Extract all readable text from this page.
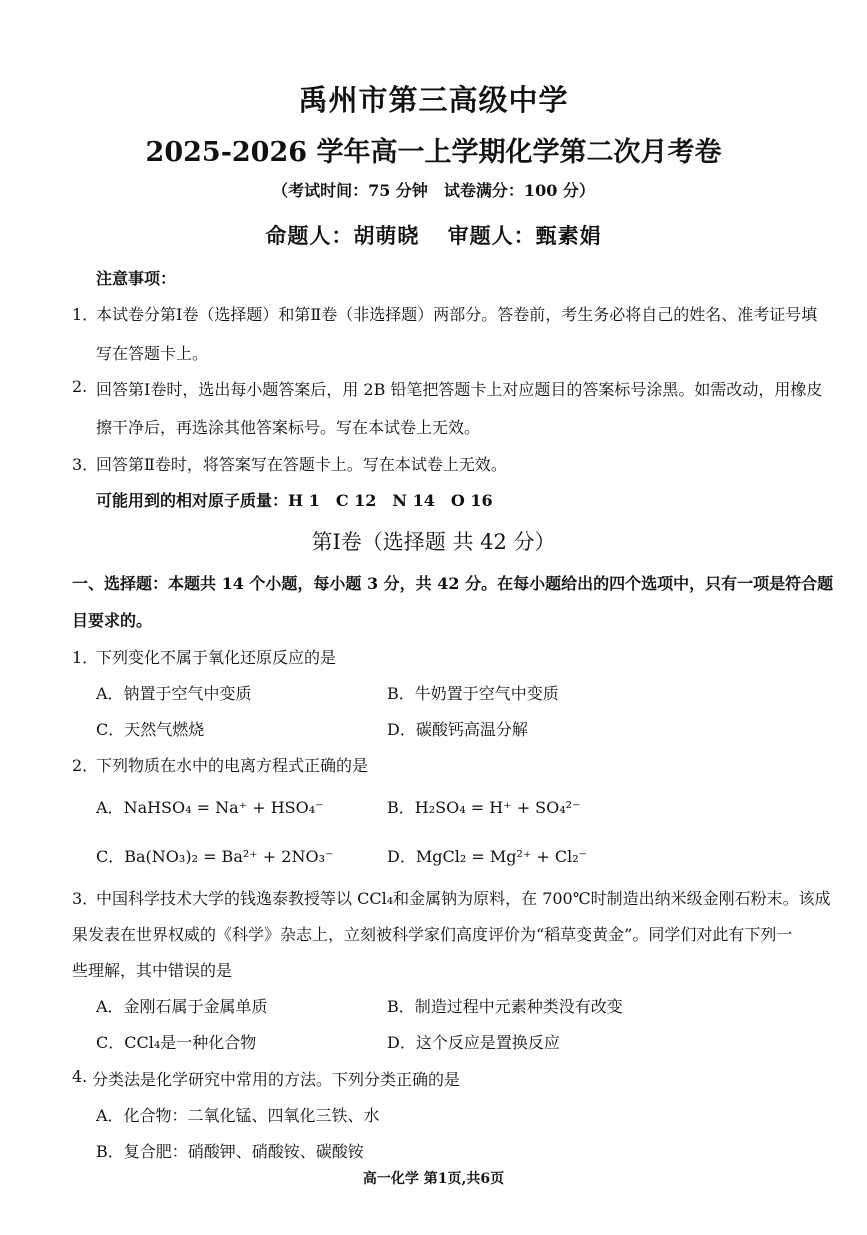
禹州市第三高级中学
2025-2026 学年高一上学期化学第二次月考卷
（考试时间：75 分钟　试卷满分：100 分）
命题人：胡萌晓 审题人：甄素娟
注意事项：
1．
本试卷分第Ⅰ卷（选择题）和第Ⅱ卷（非选择题）两部分。答卷前，考生务必将自己的姓名、准考证号填
写在答题卡上。
2. 回答第Ⅰ卷时，选出每小题答案后，用 2B 铅笔把答题卡上对应题目的答案标号涂黑。如需改动，用橡皮
擦干净后，再选涂其他答案标号。写在本试卷上无效。
3．
回答第Ⅱ卷时，将答案写在答题卡上。写在本试卷上无效。
可能用到的相对原子质量：H 1　C 12　N 14　O 16
第Ⅰ卷（选择题 共 42 分）
一、选择题：本题共 14 个小题，每小题 3 分，共 42 分。在每小题给出的四个选项中，只有一项是符合题
目要求的。
1．
下列变化不属于氧化还原反应的是
A．钠置于空气中变质	B．牛奶置于空气中变质
C．天然气燃烧	D．碳酸钙高温分解
2．
下列物质在水中的电离方程式正确的是
A．NaHSO₄ = Na⁺ + HSO₄⁻	B．H₂SO₄ = H⁺ + SO₄²⁻
C．Ba(NO₃)₂ = Ba²⁺ + 2NO₃⁻	D．MgCl₂ = Mg²⁺ + Cl₂⁻
3．
中国科学技术大学的钱逸泰教授等以 CCl₄和金属钠为原料，在 700℃时制造出纳米级金刚石粉末。该成
果发表在世界权威的《科学》杂志上，立刻被科学家们高度评价为“稻草变黄金”。同学们对此有下列一
些理解，其中错误的是
A．金刚石属于金属单质	B．制造过程中元素种类没有改变
C．CCl₄是一种化合物	D．这个反应是置换反应
4. 分类法是化学研究中常用的方法。下列分类正确的是
A．化合物：二氧化锰、四氧化三铁、水
B．复合肥：硝酸钾、硝酸铵、碳酸铵
高一化学 第1页,共6页
